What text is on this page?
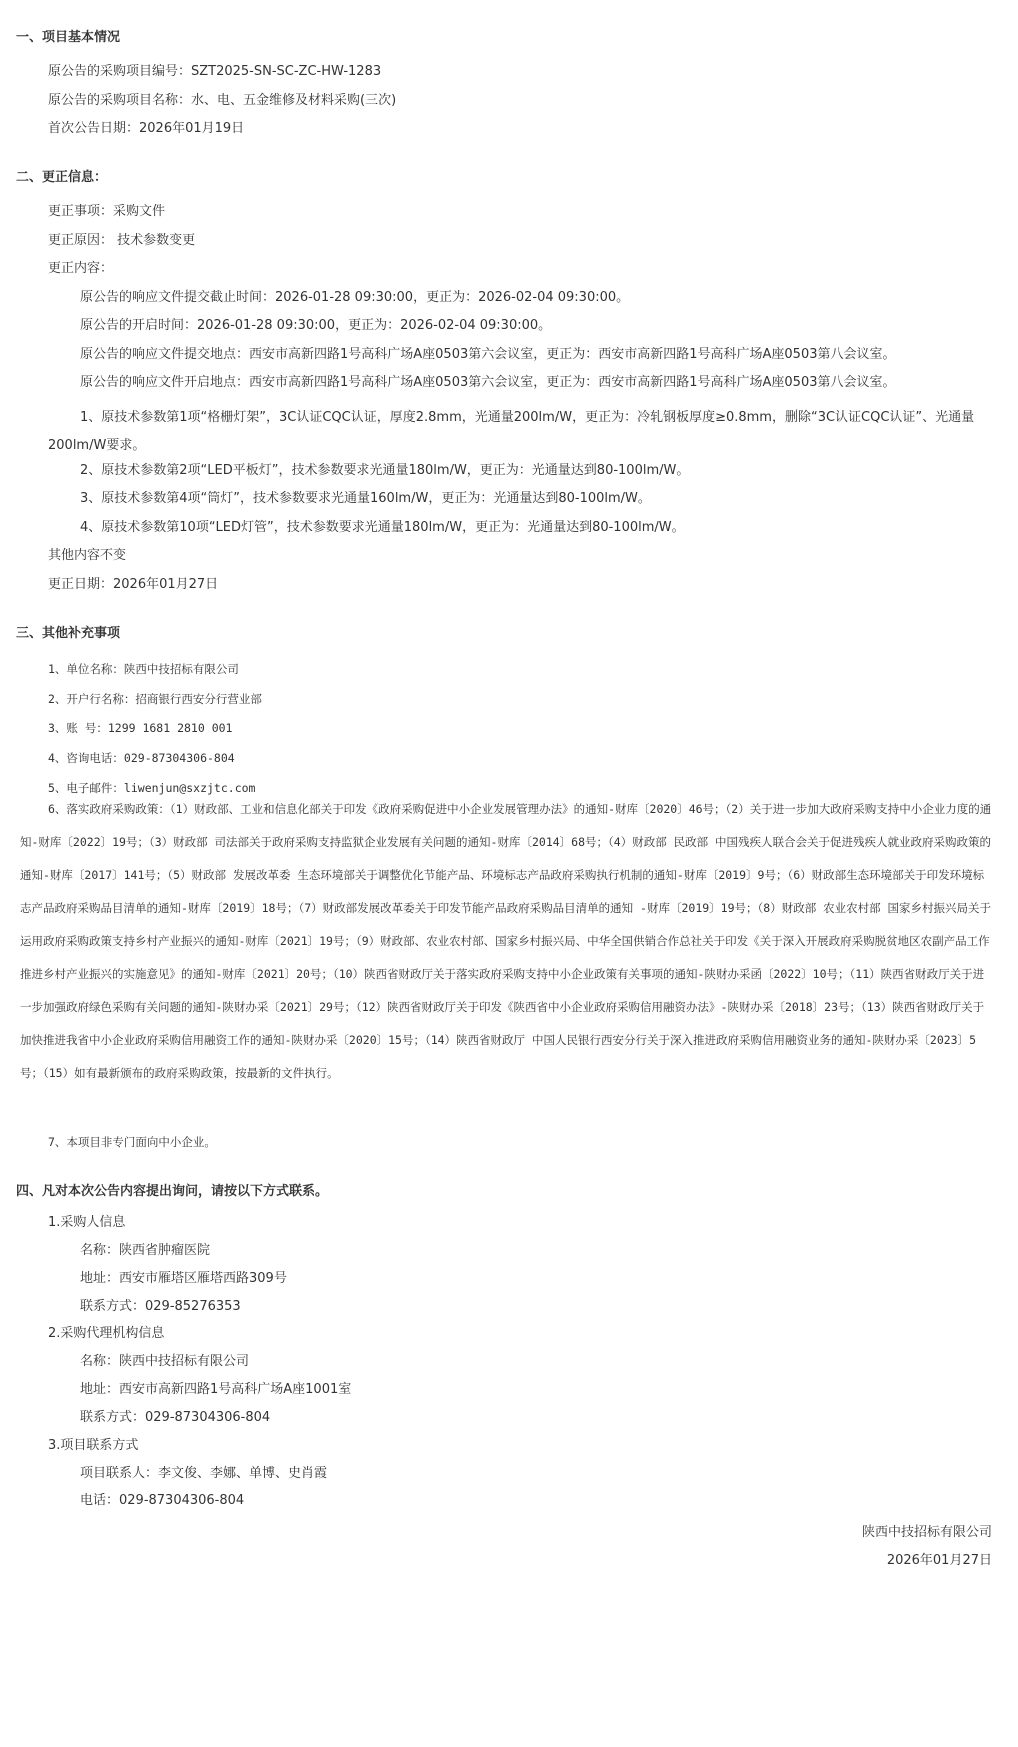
一、项目基本情况
原公告的采购项目编号：SZT2025-SN-SC-ZC-HW-1283
原公告的采购项目名称：水、电、五金维修及材料采购(三次)
首次公告日期：2026年01月19日
二、更正信息：
更正事项：采购文件
更正原因： 技术参数变更
更正内容：
原公告的响应文件提交截止时间：2026-01-28 09:30:00，更正为：2026-02-04 09:30:00。
原公告的开启时间：2026-01-28 09:30:00，更正为：2026-02-04 09:30:00。
原公告的响应文件提交地点：西安市高新四路1号高科广场A座0503第六会议室，更正为：西安市高新四路1号高科广场A座0503第八会议室。
原公告的响应文件开启地点：西安市高新四路1号高科广场A座0503第六会议室，更正为：西安市高新四路1号高科广场A座0503第八会议室。
1、原技术参数第1项“格栅灯架”，3C认证CQC认证，厚度2.8mm，光通量200lm/W，更正为：冷轧钢板厚度≥0.8mm，删除“3C认证CQC认证”、光通量200lm/W要求。
2、原技术参数第2项“LED平板灯”，技术参数要求光通量180lm/W，更正为：光通量达到80-100lm/W。
3、原技术参数第4项“筒灯”，技术参数要求光通量160lm/W，更正为：光通量达到80-100lm/W。
4、原技术参数第10项“LED灯管”，技术参数要求光通量180lm/W，更正为：光通量达到80-100lm/W。
其他内容不变
更正日期：2026年01月27日
三、其他补充事项
1、单位名称：陕西中技招标有限公司
2、开户行名称：招商银行西安分行营业部
3、账 号：1299 1681 2810 001
4、咨询电话：029-87304306-804
5、电子邮件：liwenjun@sxzjtc.com
6、落实政府采购政策：（1）财政部、工业和信息化部关于印发《政府采购促进中小企业发展管理办法》的通知-财库〔2020〕46号；（2）关于进一步加大政府采购支持中小企业力度的通知-财库〔2022〕19号；（3）财政部 司法部关于政府采购支持监狱企业发展有关问题的通知-财库〔2014〕68号；（4）财政部 民政部 中国残疾人联合会关于促进残疾人就业政府采购政策的通知-财库〔2017〕141号；（5）财政部 发展改革委 生态环境部关于调整优化节能产品、环境标志产品政府采购执行机制的通知-财库〔2019〕9号；（6）财政部生态环境部关于印发环境标志产品政府采购品目清单的通知-财库〔2019〕18号；（7）财政部发展改革委关于印发节能产品政府采购品目清单的通知 -财库〔2019〕19号；（8）财政部 农业农村部 国家乡村振兴局关于运用政府采购政策支持乡村产业振兴的通知-财库〔2021〕19号；（9）财政部、农业农村部、国家乡村振兴局、中华全国供销合作总社关于印发《关于深入开展政府采购脱贫地区农副产品工作推进乡村产业振兴的实施意见》的通知-财库〔2021〕20号；（10）陕西省财政厅关于落实政府采购支持中小企业政策有关事项的通知-陕财办采函〔2022〕10号；（11）陕西省财政厅关于进一步加强政府绿色采购有关问题的通知-陕财办采〔2021〕29号；（12）陕西省财政厅关于印发《陕西省中小企业政府采购信用融资办法》-陕财办采〔2018〕23号；（13）陕西省财政厅关于加快推进我省中小企业政府采购信用融资工作的通知-陕财办采〔2020〕15号；（14）陕西省财政厅 中国人民银行西安分行关于深入推进政府采购信用融资业务的通知-陕财办采〔2023〕5号；（15）如有最新颁布的政府采购政策，按最新的文件执行。
7、本项目非专门面向中小企业。
四、凡对本次公告内容提出询问，请按以下方式联系。
1.采购人信息
名称：陕西省肿瘤医院
地址：西安市雁塔区雁塔西路309号
联系方式：029-85276353
2.采购代理机构信息
名称：陕西中技招标有限公司
地址：西安市高新四路1号高科广场A座1001室
联系方式：029-87304306-804
3.项目联系方式
项目联系人：李文俊、李娜、单博、史肖霞
电话：029-87304306-804
陕西中技招标有限公司
2026年01月27日
